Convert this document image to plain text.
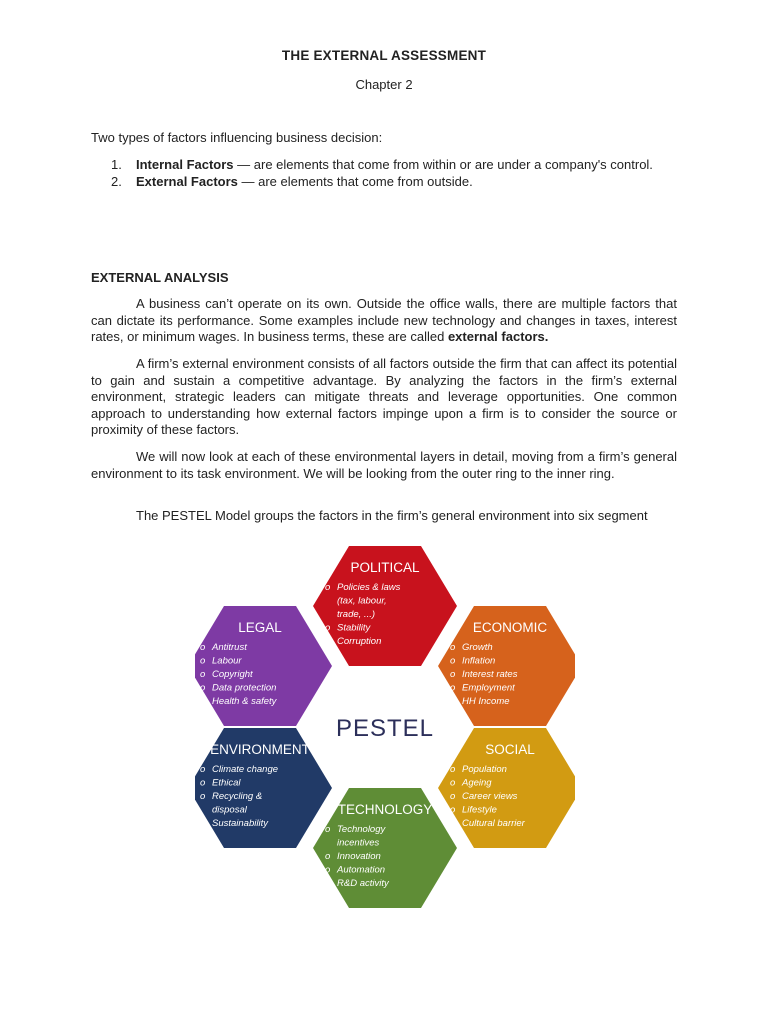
THE EXTERNAL ASSESSMENT
Chapter 2
Two types of factors influencing business decision:
1. Internal Factors — are elements that come from within or are under a company's control.
2. External Factors — are elements that come from outside.
EXTERNAL ANALYSIS

A business can’t operate on its own. Outside the office walls, there are multiple factors that can dictate its performance. Some examples include new technology and changes in taxes, interest rates, or minimum wages. In business terms, these are called external factors.

A firm’s external environment consists of all factors outside the firm that can affect its potential to gain and sustain a competitive advantage. By analyzing the factors in the firm’s external environment, strategic leaders can mitigate threats and leverage opportunities. One common approach to understanding how external factors impinge upon a firm is to consider the source or proximity of these factors.

We will now look at each of these environmental layers in detail, moving from a firm’s general environment to its task environment. We will be looking from the outer ring to the inner ring.

The PESTEL Model groups the factors in the firm’s general environment into six segment

LEGAL
o Antitrust
o Labour
o Copyright
o Data protection
o Health & safety
ENVIRONMENT
o Climate change
o Ethical
o Recycling &
disposal
o Sustainability
TECHNOLOGY
o Technology
incentives
o Innovation
o Automation
o R&D activity
SOCIAL
o Population
o Ageing
o Career views
o Lifestyle
o Cultural barrier
ECONOMIC
o Growth
o Inflation
o Interest rates
o Employment
o HH Income
POLITICAL
o Policies & laws
(tax, labour,
trade, ...)
o Stability
o Corruption
PESTEL
